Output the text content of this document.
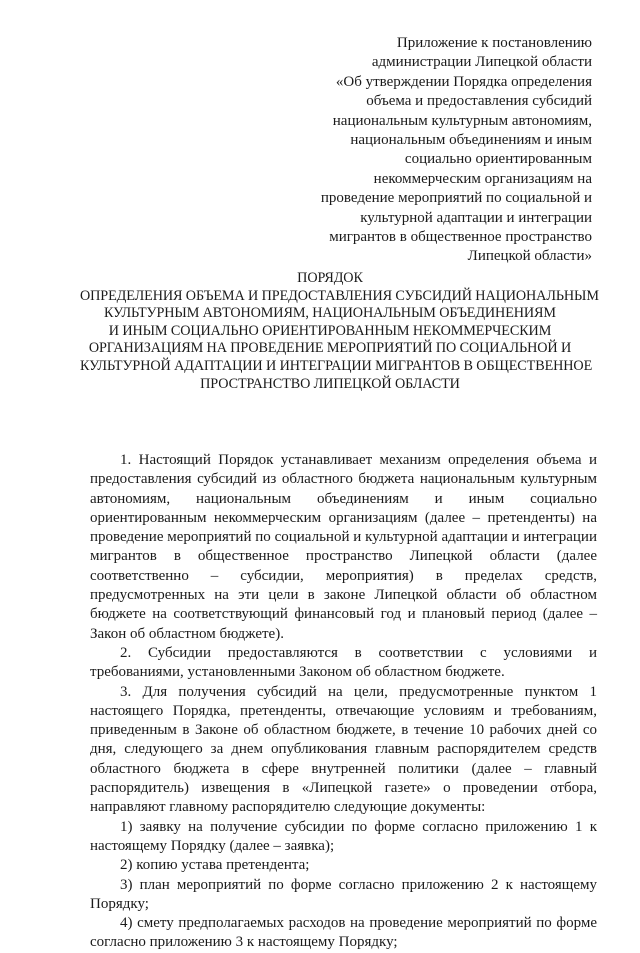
Приложение к постановлению
администрации Липецкой области
«Об утверждении Порядка определения
объема и предоставления субсидий
национальным культурным автономиям,
национальным объединениям и иным
социально ориентированным
некоммерческим организациям на
проведение мероприятий по социальной и
культурной адаптации и интеграции
мигрантов в общественное пространство
Липецкой области»
ПОРЯДОК
ОПРЕДЕЛЕНИЯ ОБЪЕМА И ПРЕДОСТАВЛЕНИЯ СУБСИДИЙ НАЦИОНАЛЬНЫМ
КУЛЬТУРНЫМ АВТОНОМИЯМ, НАЦИОНАЛЬНЫМ ОБЪЕДИНЕНИЯМ
И ИНЫМ СОЦИАЛЬНО ОРИЕНТИРОВАННЫМ НЕКОММЕРЧЕСКИМ
ОРГАНИЗАЦИЯМ НА ПРОВЕДЕНИЕ МЕРОПРИЯТИЙ ПО СОЦИАЛЬНОЙ И
КУЛЬТУРНОЙ АДАПТАЦИИ И ИНТЕГРАЦИИ МИГРАНТОВ В ОБЩЕСТВЕННОЕ
ПРОСТРАНСТВО ЛИПЕЦКОЙ ОБЛАСТИ

1. Настоящий Порядок устанавливает механизм определения объема и предоставления субсидий из областного бюджета национальным культурным автономиям, национальным объединениям и иным социально ориентированным некоммерческим организациям (далее – претенденты) на проведение мероприятий по социальной и культурной адаптации и интеграции мигрантов в общественное пространство Липецкой области (далее соответственно – субсидии, мероприятия) в пределах средств, предусмотренных на эти цели в законе Липецкой области об областном бюджете на соответствующий финансовый год и плановый период (далее – Закон об областном бюджете).

2. Субсидии предоставляются в соответствии с условиями и требованиями, установленными Законом об областном бюджете.

3. Для получения субсидий на цели, предусмотренные пунктом 1 настоящего Порядка, претенденты, отвечающие условиям и требованиям, приведенным в Законе об областном бюджете, в течение 10 рабочих дней со дня, следующего за днем опубликования главным распорядителем средств областного бюджета в сфере внутренней политики (далее – главный распорядитель) извещения в «Липецкой газете» о проведении отбора, направляют главному распорядителю следующие документы:

1) заявку на получение субсидии по форме согласно приложению 1 к настоящему Порядку (далее – заявка);

2) копию устава претендента;

3) план мероприятий по форме согласно приложению 2 к настоящему Порядку;

4) смету предполагаемых расходов на проведение мероприятий по форме согласно приложению 3 к настоящему Порядку;
